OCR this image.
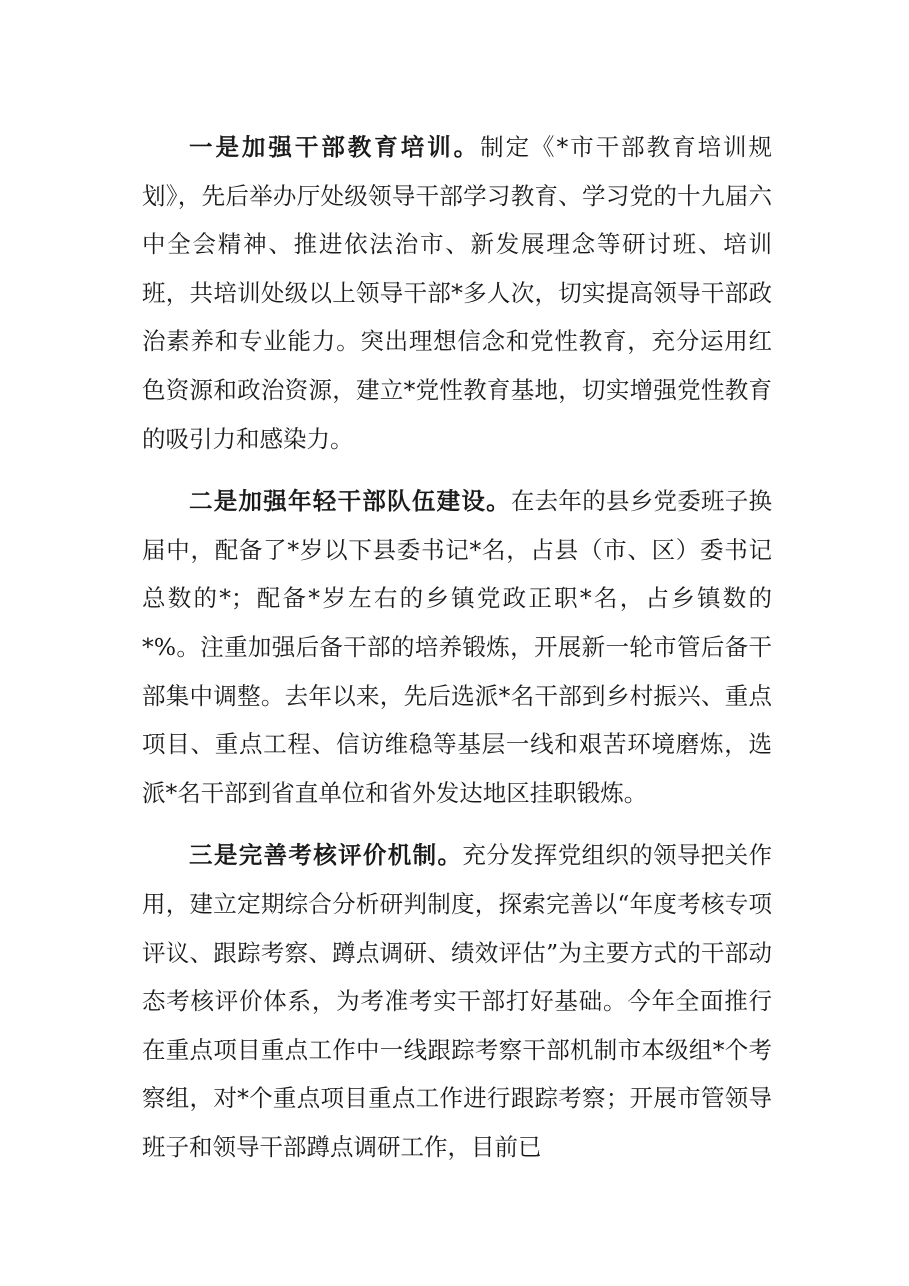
一是加强干部教育培训。制定《*市干部教育培训规划》，先后举办厅处级领导干部学习教育、学习党的十九届六中全会精神、推进依法治市、新发展理念等研讨班、培训班，共培训处级以上领导干部*多人次，切实提高领导干部政治素养和专业能力。突出理想信念和党性教育，充分运用红色资源和政治资源，建立*党性教育基地，切实增强党性教育的吸引力和感染力。

二是加强年轻干部队伍建设。在去年的县乡党委班子换届中，配备了*岁以下县委书记*名，占县（市、区）委书记总数的*；配备*岁左右的乡镇党政正职*名，占乡镇数的*%。注重加强后备干部的培养锻炼，开展新一轮市管后备干部集中调整。去年以来，先后选派*名干部到乡村振兴、重点项目、重点工程、信访维稳等基层一线和艰苦环境磨炼，选派*名干部到省直单位和省外发达地区挂职锻炼。

三是完善考核评价机制。充分发挥党组织的领导把关作用，建立定期综合分析研判制度，探索完善以“年度考核专项评议、跟踪考察、蹲点调研、绩效评估”为主要方式的干部动态考核评价体系，为考准考实干部打好基础。今年全面推行在重点项目重点工作中一线跟踪考察干部机制市本级组*个考察组，对*个重点项目重点工作进行跟踪考察；开展市管领导班子和领导干部蹲点调研工作，目前已
